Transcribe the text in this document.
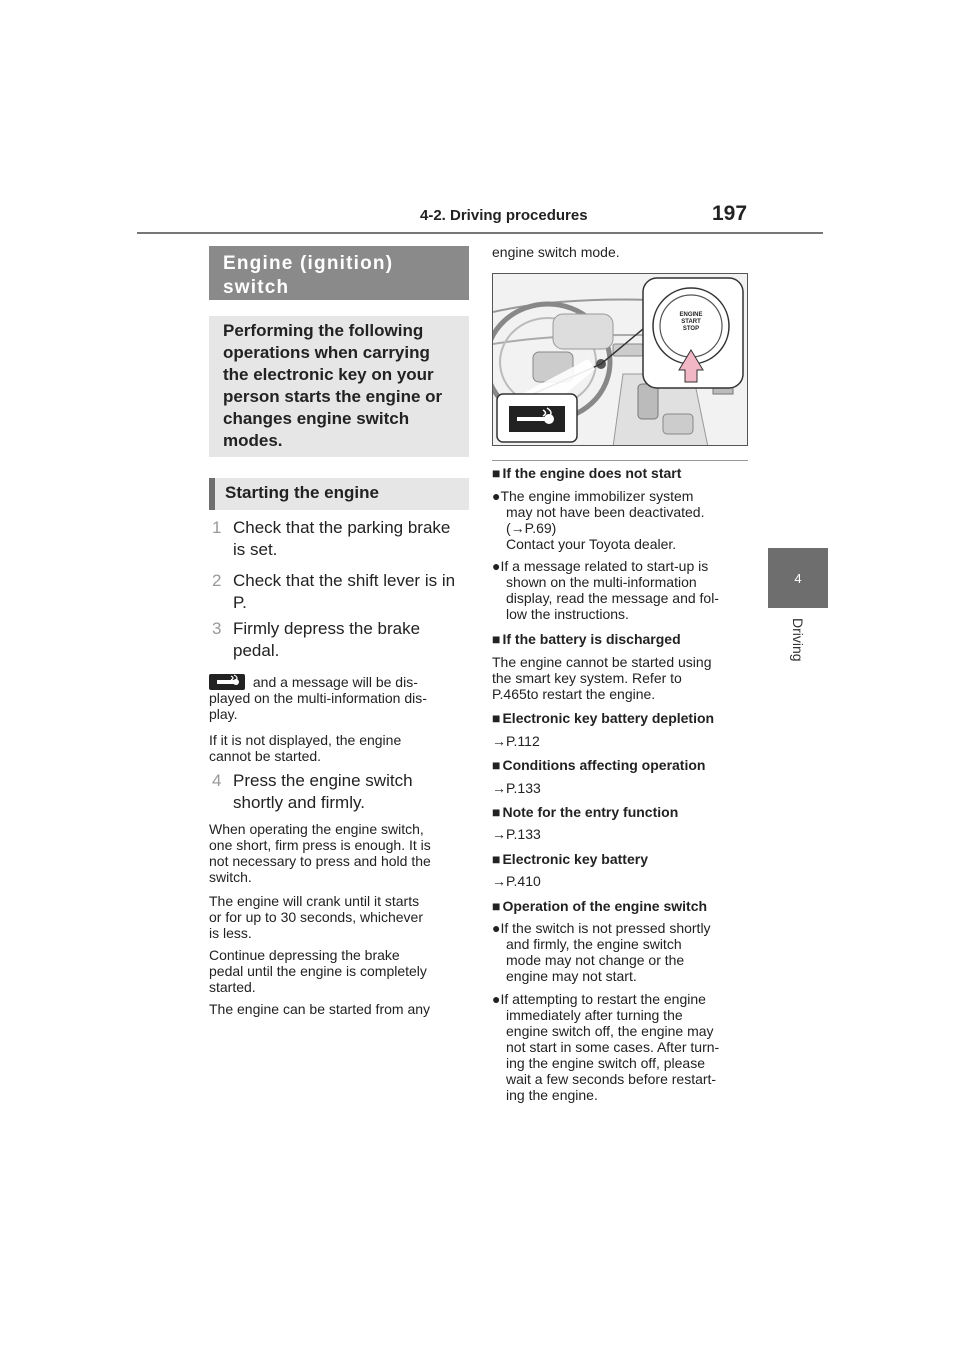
4-2. Driving procedures	197
4
Driving
Engine (ignition)
switch
Performing the following
operations when carrying
the electronic key on your
person starts the engine or
changes engine switch
modes.
Starting the engine
1 Check that the parking brake
is set.
2 Check that the shift lever is in
P.
3 Firmly depress the brake
pedal.
and a message will be dis-
played on the multi-information dis-
play.
If it is not displayed, the engine
cannot be started.
4 Press the engine switch
shortly and firmly.
When operating the engine switch,
one short, firm press is enough. It is
not necessary to press and hold the
switch.
The engine will crank until it starts
or for up to 30 seconds, whichever
is less.
Continue depressing the brake
pedal until the engine is completely
started.
The engine can be started from any
engine switch mode.
ENGINE
START
STOP
■ If the engine does not start
●The engine immobilizer system
may not have been deactivated.
(→P.69)
Contact your Toyota dealer.
●If a message related to start-up is
shown on the multi-information
display, read the message and fol-
low the instructions.
■ If the battery is discharged
The engine cannot be started using
the smart key system. Refer to
P.465to restart the engine.
■ Electronic key battery depletion
→P.112
■ Conditions affecting operation
→P.133
■ Note for the entry function
→P.133
■ Electronic key battery
→P.410
■ Operation of the engine switch
●If the switch is not pressed shortly
and firmly, the engine switch
mode may not change or the
engine may not start.
●If attempting to restart the engine
immediately after turning the
engine switch off, the engine may
not start in some cases. After turn-
ing the engine switch off, please
wait a few seconds before restart-
ing the engine.
